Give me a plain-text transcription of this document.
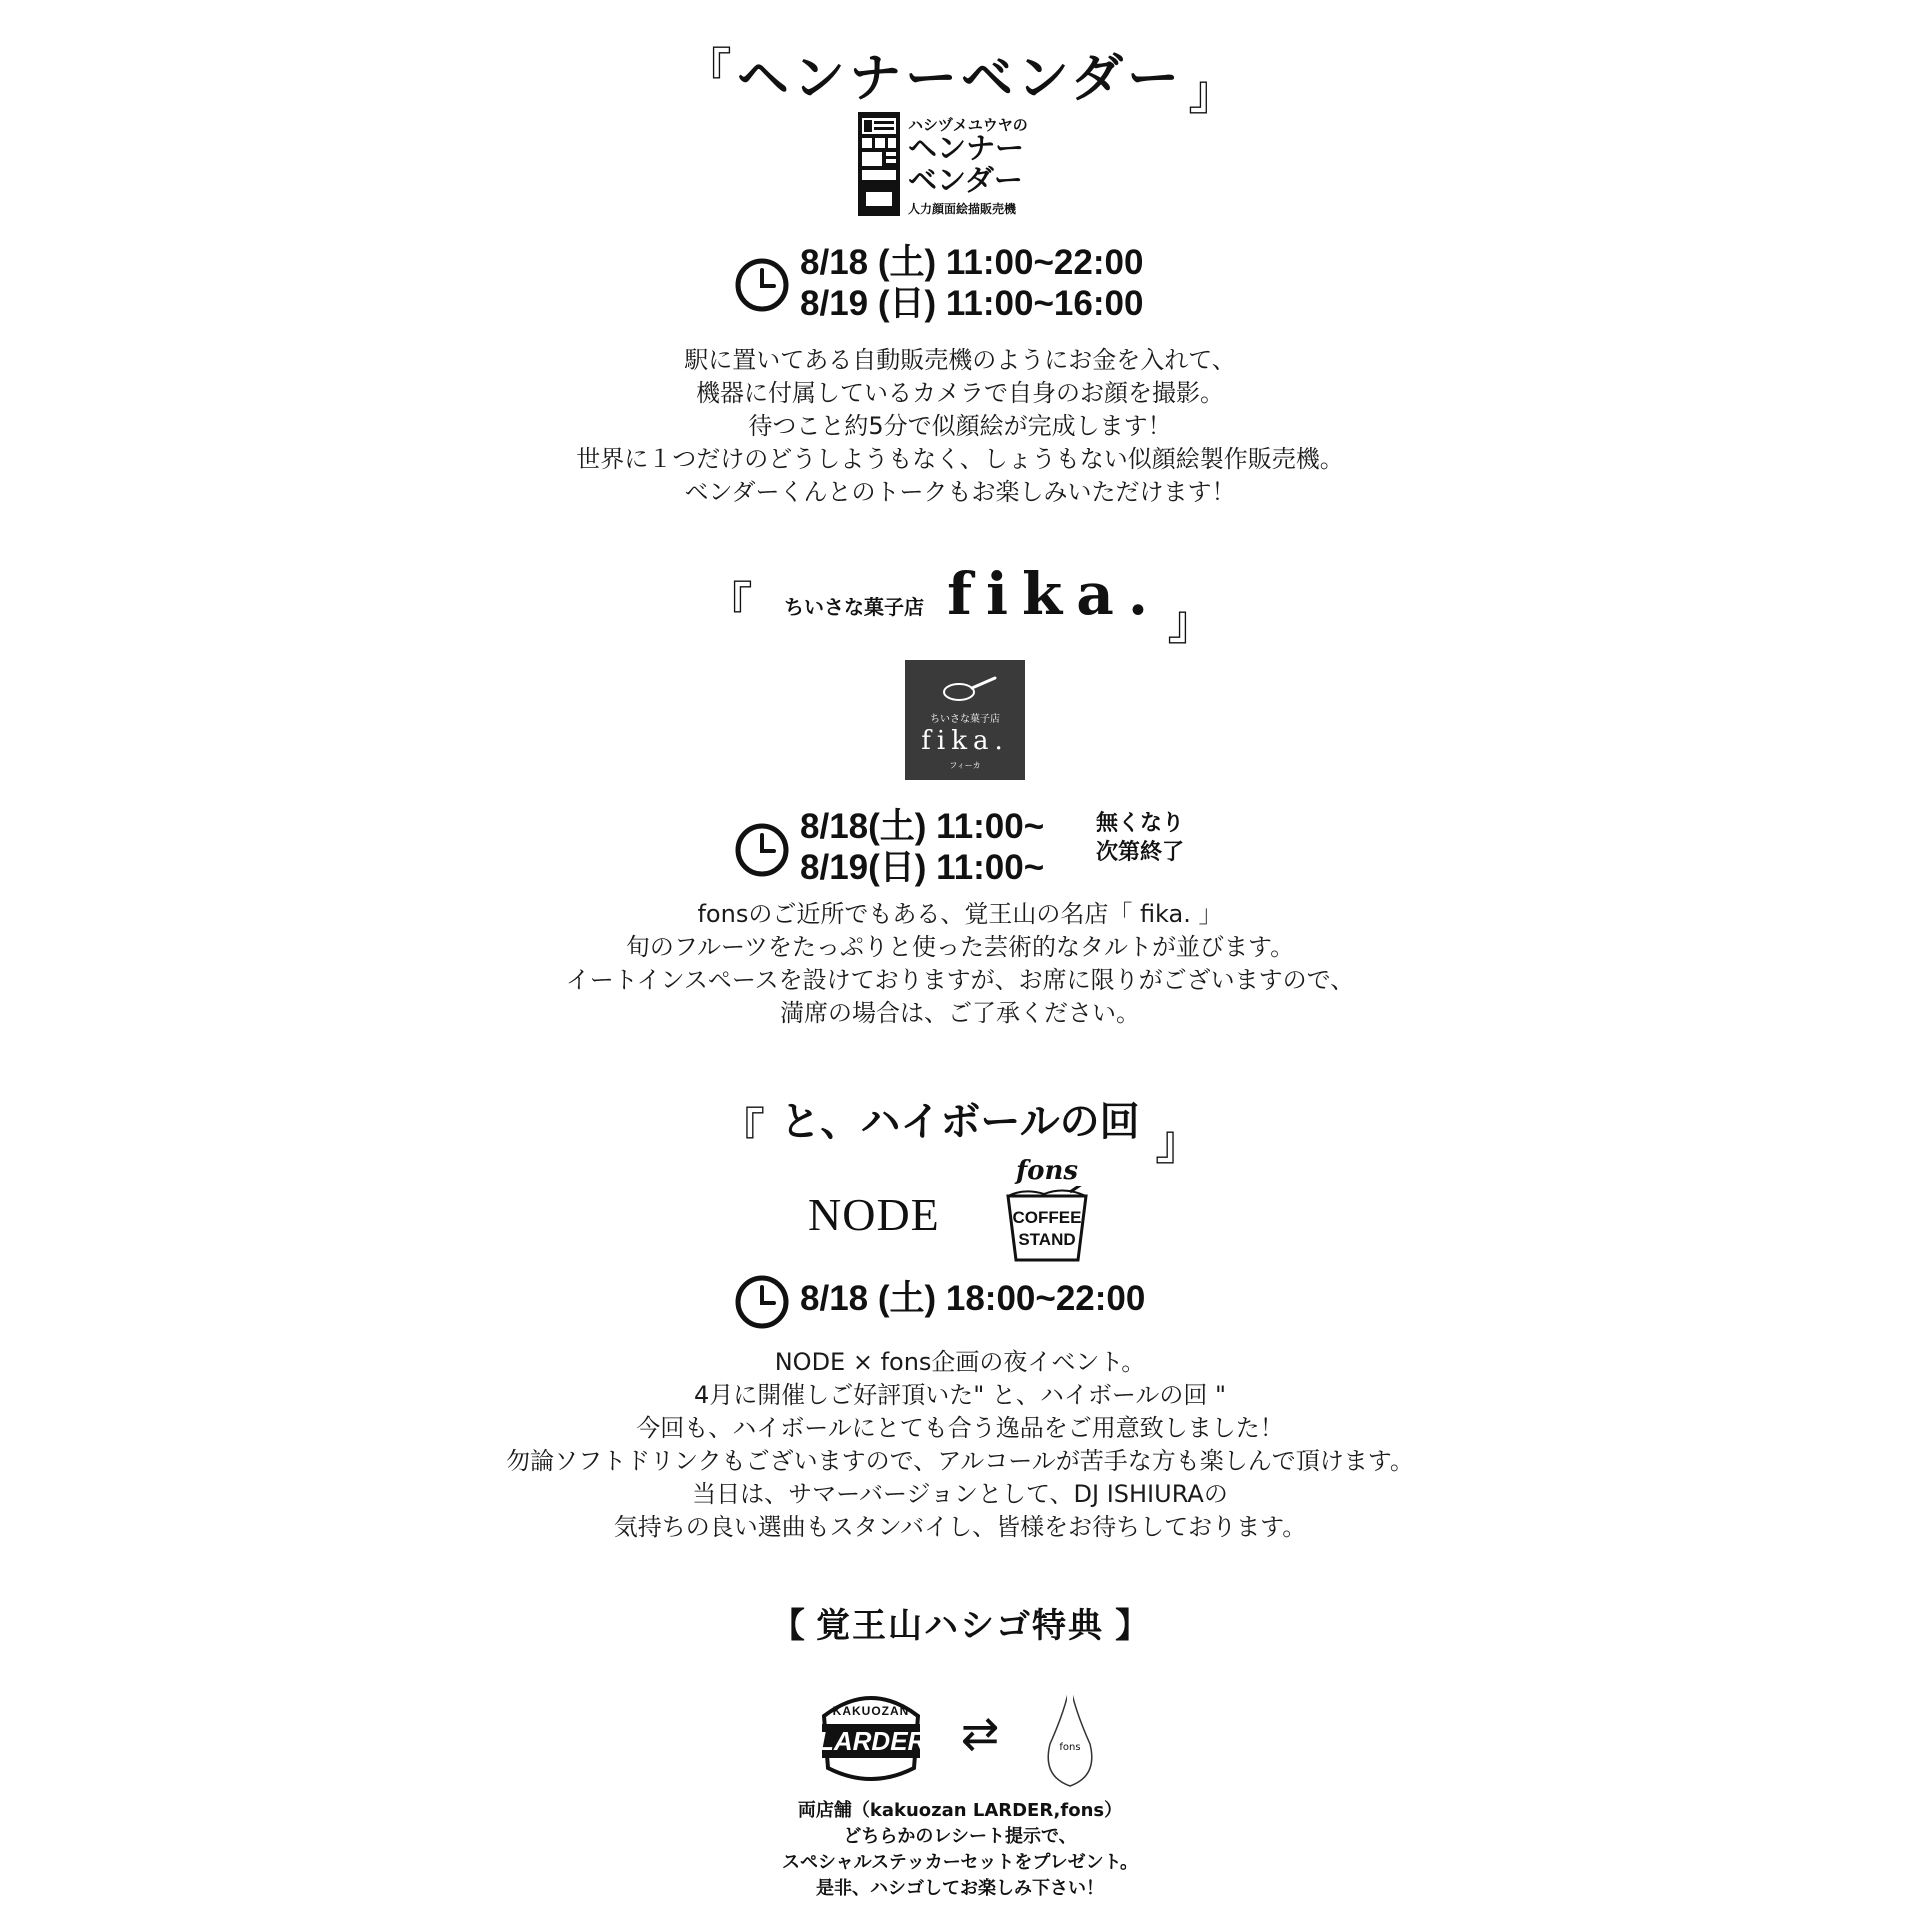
『 ヘンナーベンダー 』
ハシヅメユウヤの
ヘンナー
ベンダー
人力顔面絵描販売機
8/18 (土) 11:00~22:00
8/19 (日) 11:00~16:00
駅に置いてある自動販売機のようにお金を入れて、
機器に付属しているカメラで自身のお顔を撮影。
待つこと約5分で似顔絵が完成します！
世界に１つだけのどうしようもなく、しょうもない似顔絵製作販売機。
ベンダーくんとのトークもお楽しみいただけます！
『 ちいさな菓子店 fika. 』
ちいさな菓子店
fika.
フィーカ
8/18(土) 11:00~
8/19(日) 11:00~
無くなり
次第終了
fonsのご近所でもある、覚王山の名店「 fika. 」
旬のフルーツをたっぷりと使った芸術的なタルトが並びます。
イートインスペースを設けておりますが、お席に限りがございますので、
満席の場合は、ご了承ください。
『 と、ハイボールの回 』
NODE
fons
COFFEE
STAND
8/18 (土) 18:00~22:00
NODE × fons企画の夜イベント。
4月に開催しご好評頂いた" と、ハイボールの回 "
今回も、ハイボールにとても合う逸品をご用意致しました！
勿論ソフトドリンクもございますので、アルコールが苦手な方も楽しんで頂けます。
当日は、サマーバージョンとして、DJ ISHIURAの
気持ちの良い選曲もスタンバイし、皆様をお待ちしております。
【 覚王山ハシゴ特典 】
KAKUOZAN
LARDER ⇄	fons
両店舗（kakuozan LARDER,fons）
どちらかのレシート提示で、
スペシャルステッカーセットをプレゼント。
是非、ハシゴしてお楽しみ下さい！
